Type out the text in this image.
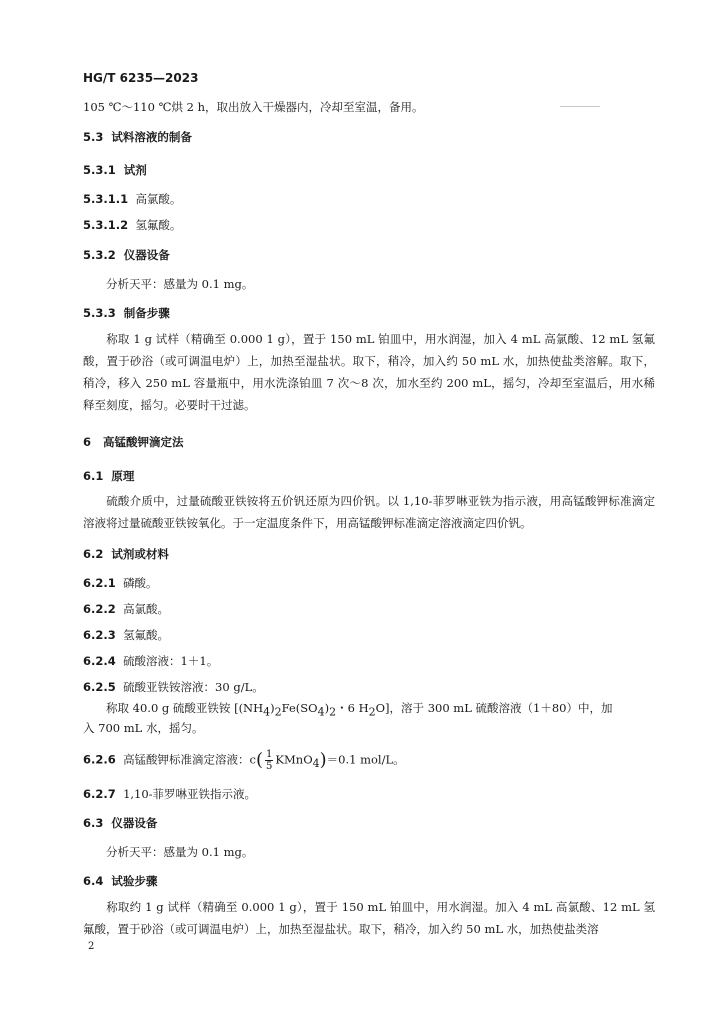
HG/T 6235—2023
105 ℃～110 ℃烘 2 h，取出放入干燥器内，冷却至室温，备用。
5.3 试料溶液的制备
5.3.1 试剂
5.3.1.1 高氯酸。
5.3.1.2 氢氟酸。
5.3.2 仪器设备
分析天平：感量为 0.1 mg。
5.3.3 制备步骤
称取 1 g 试样（精确至 0.000 1 g），置于 150 mL 铂皿中，用水润湿，加入 4 mL 高氯酸、12 mL 氢氟酸，置于砂浴（或可调温电炉）上，加热至湿盐状。取下，稍冷，加入约 50 mL 水，加热使盐类溶解。取下，稍冷，移入 250 mL 容量瓶中，用水洗涤铂皿 7 次～8 次，加水至约 200 mL，摇匀，冷却至室温后，用水稀释至刻度，摇匀。必要时干过滤。
6 高锰酸钾滴定法
6.1 原理
硫酸介质中，过量硫酸亚铁铵将五价钒还原为四价钒。以 1,10-菲罗啉亚铁为指示液，用高锰酸钾标准滴定溶液将过量硫酸亚铁铵氧化。于一定温度条件下，用高锰酸钾标准滴定溶液滴定四价钒。
6.2 试剂或材料
6.2.1 磷酸。
6.2.2 高氯酸。
6.2.3 氢氟酸。
6.2.4 硫酸溶液：1＋1。
6.2.5 硫酸亚铁铵溶液：30 g/L。
称取 40.0 g 硫酸亚铁铵 [$(NH_4)_2Fe(SO_4)_2$・6 $H_2O$]，溶于 300 mL 硫酸溶液（1＋80）中，加
入 700 mL 水，摇匀。
6.2.6 高锰酸钾标准滴定溶液：$c( \frac{1}{5}$ KMnO$_4$)＝0.1 mol/L。
6.2.7 1,10-菲罗啉亚铁指示液。
6.3 仪器设备
分析天平：感量为 0.1 mg。
6.4 试验步骤
称取约 1 g 试样（精确至 0.000 1 g），置于 150 mL 铂皿中，用水润湿。加入 4 mL 高氯酸、12 mL 氢氟酸，置于砂浴（或可调温电炉）上，加热至湿盐状。取下，稍冷，加入约 50 mL 水，加热使盐类溶
2
